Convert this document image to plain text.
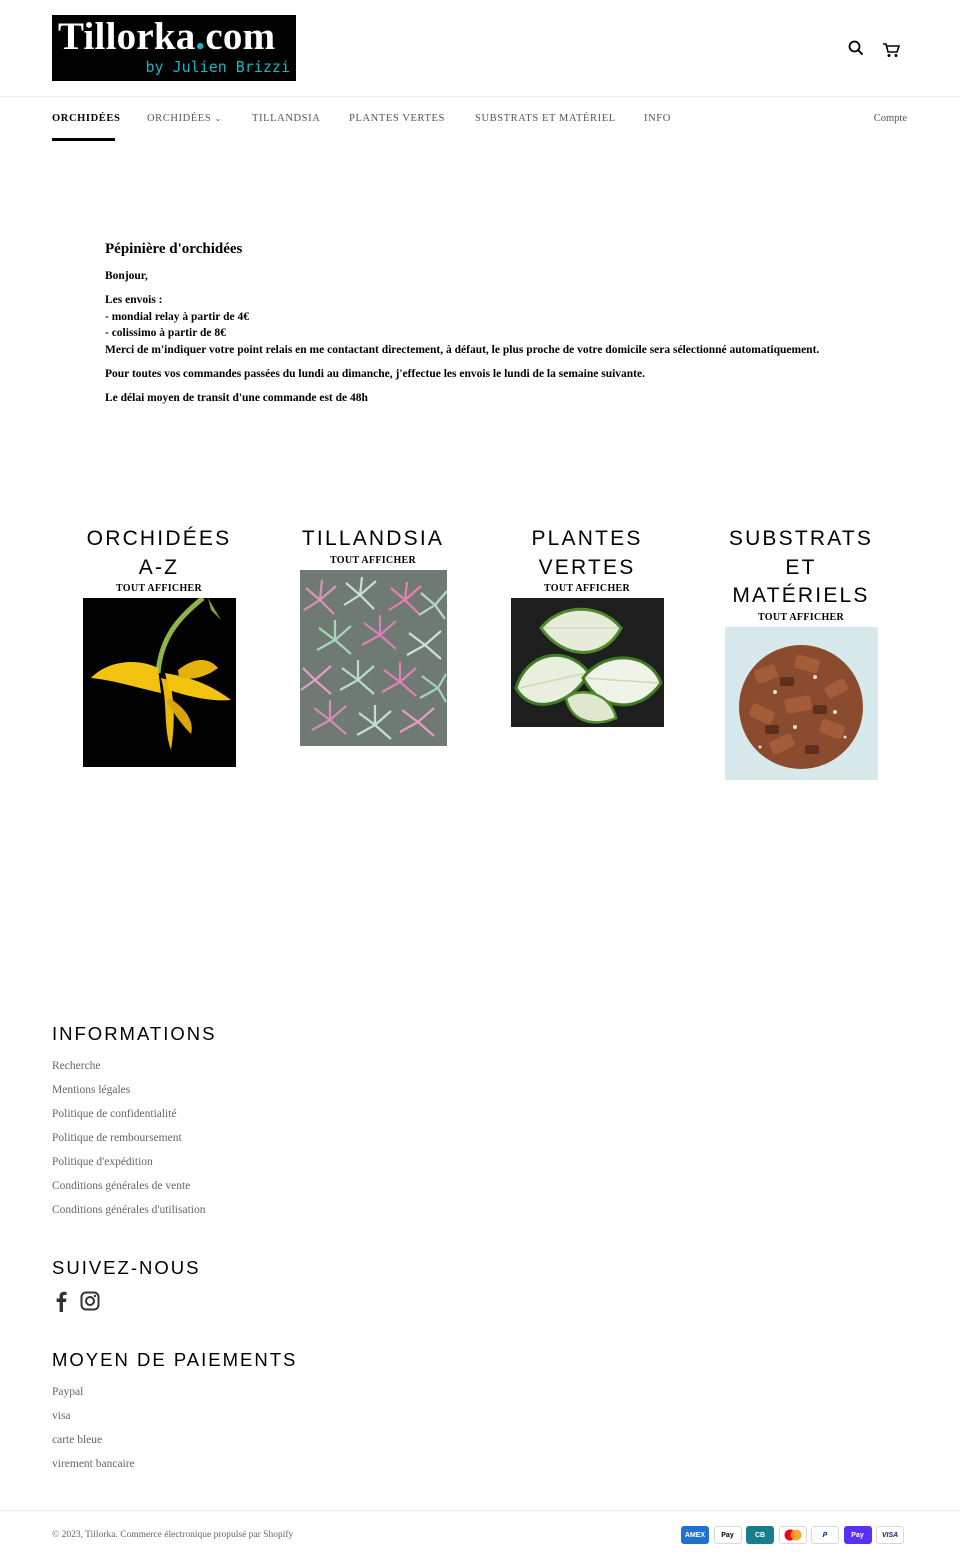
Tillorka.com
by Julien Brizzi
ORCHIDÉES	ORCHIDÉES ⌄	TILLANDSIA	PLANTES VERTES	SUBSTRATS ET MATÉRIEL	INFO	Compte
Pépinière d'orchidées

Bonjour,

Les envois :
- mondial relay à partir de 4€
- colissimo à partir de 8€
Merci de m'indiquer votre point relais en me contactant directement, à défaut, le plus proche de votre domicile sera sélectionné automatiquement.

Pour toutes vos commandes passées du lundi au dimanche, j'effectue les envois le lundi de la semaine suivante.

Le délai moyen de transit d'une commande est de 48h

ORCHIDÉES
A-Z
TOUT AFFICHER
TILLANDSIA
TOUT AFFICHER
PLANTES
VERTES
TOUT AFFICHER
SUBSTRATS
ET
MATÉRIELS
TOUT AFFICHER
INFORMATIONS
Recherche
Mentions légales
Politique de confidentialité
Politique de remboursement
Politique d'expédition
Conditions générales de vente
Conditions générales d'utilisation
SUIVEZ-NOUS
MOYEN DE PAIEMENTS
Paypal
visa
carte bleue
virement bancaire
© 2023, Tillorka. Commerce électronique propulsé par Shopify	AMEX	Pay	CB	P	Pay	VISA
